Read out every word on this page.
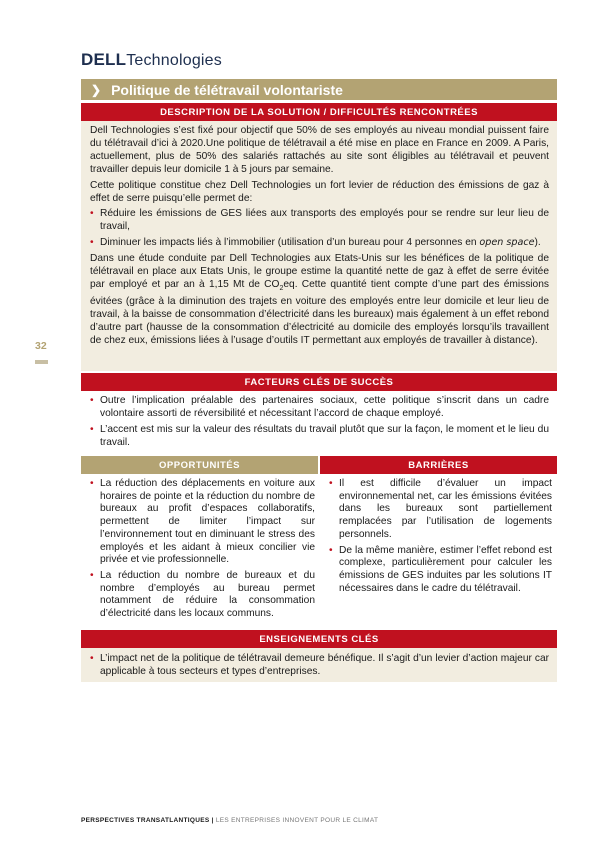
DELLTechnologies
❯ Politique de télétravail volontariste
DESCRIPTION DE LA SOLUTION / DIFFICULTÉS RENCONTRÉES

Dell Technologies s’est fixé pour objectif que 50% de ses employés au niveau mondial puissent faire du télétravail d’ici à 2020.Une politique de télétravail a été mise en place en France en 2009. A Paris, actuellement, plus de 50% des salariés rattachés au site sont éligibles au télétravail et peuvent travailler depuis leur domicile 1 à 5 jours par semaine.

Cette politique constitue chez Dell Technologies un fort levier de réduction des émissions de gaz à effet de serre puisqu’elle permet de:

• Réduire les émissions de GES liées aux transports des employés pour se rendre sur leur lieu de travail,
• Diminuer les impacts liés à l’immobilier (utilisation d’un bureau pour 4 personnes en open space).

Dans une étude conduite par Dell Technologies aux Etats-Unis sur les bénéfices de la politique de télétravail en place aux Etats Unis, le groupe estime la quantité nette de gaz à effet de serre évitée par employé et par an à 1,15 Mt de $CO_2eq$. Cette quantité tient compte d’une part des émissions évitées (grâce à la diminution des trajets en voiture des employés entre leur domicile et leur lieu de travail, à la baisse de consommation d’électricité dans les bureaux) mais également à un effet rebond d’autre part (hausse de la consommation d’électricité au domicile des employés lorsqu’ils travaillent de chez eux, émissions liées à l’usage d’outils IT permettant aux employés de travailler à distance).

32
FACTEURS CLÉS DE SUCCÈS
• Outre l’implication préalable des partenaires sociaux, cette politique s’inscrit dans un cadre volontaire assorti de réversibilité et nécessitant l’accord de chaque employé.
• L’accent est mis sur la valeur des résultats du travail plutôt que sur la façon, le moment et le lieu du travail.
OPPORTUNITÉS	BARRIÈRES
• La réduction des déplacements en voiture aux horaires de pointe et la réduction du nombre de bureaux au profit d’espaces collaboratifs, permettent de limiter l’impact sur l’environnement tout en diminuant le stress des employés et les aidant à mieux concilier vie privée et vie professionnelle.
• La réduction du nombre de bureaux et du nombre d’employés au bureau permet notamment de réduire la consommation d’électricité dans les locaux communs.
• Il est difficile d’évaluer un impact environnemental net, car les émissions évitées dans les bureaux sont partiellement remplacées par l’utilisation de logements personnels.
• De la même manière, estimer l’effet rebond est complexe, particulièrement pour calculer les émissions de GES induites par les solutions IT nécessaires dans le cadre du télétravail.
ENSEIGNEMENTS CLÉS
• L’impact net de la politique de télétravail demeure bénéfique. Il s’agit d’un levier d’action majeur car applicable à tous secteurs et types d’entreprises.
PERSPECTIVES TRANSATLANTIQUES | LES ENTREPRISES INNOVENT POUR LE CLIMAT
